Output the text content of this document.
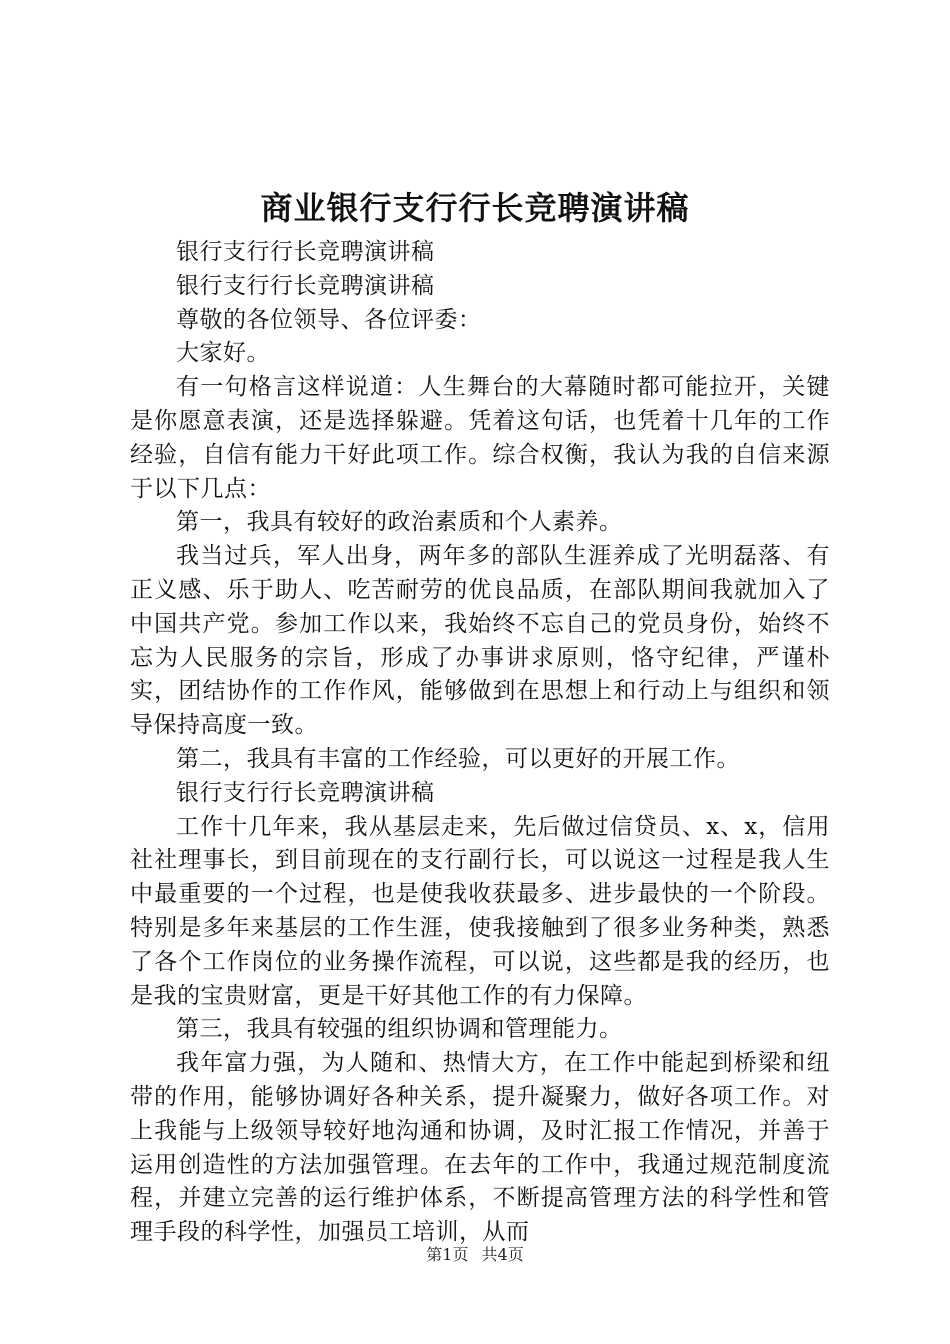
商业银行支行行长竞聘演讲稿

银行支行行长竞聘演讲稿

银行支行行长竞聘演讲稿

尊敬的各位领导、各位评委：

大家好。

有一句格言这样说道：人生舞台的大幕随时都可能拉开，关键是你愿意表演，还是选择躲避。凭着这句话，也凭着十几年的工作经验，自信有能力干好此项工作。综合权衡，我认为我的自信来源于以下几点：

第一，我具有较好的政治素质和个人素养。

我当过兵，军人出身，两年多的部队生涯养成了光明磊落、有正义感、乐于助人、吃苦耐劳的优良品质，在部队期间我就加入了中国共产党。参加工作以来，我始终不忘自己的党员身份，始终不忘为人民服务的宗旨，形成了办事讲求原则，恪守纪律，严谨朴实，团结协作的工作作风，能够做到在思想上和行动上与组织和领导保持高度一致。

第二，我具有丰富的工作经验，可以更好的开展工作。

银行支行行长竞聘演讲稿

工作十几年来，我从基层走来，先后做过信贷员、x、x，信用社社理事长，到目前现在的支行副行长，可以说这一过程是我人生中最重要的一个过程，也是使我收获最多、进步最快的一个阶段。特别是多年来基层的工作生涯，使我接触到了很多业务种类，熟悉了各个工作岗位的业务操作流程，可以说，这些都是我的经历，也是我的宝贵财富，更是干好其他工作的有力保障。

第三，我具有较强的组织协调和管理能力。

我年富力强，为人随和、热情大方，在工作中能起到桥梁和纽带的作用，能够协调好各种关系，提升凝聚力，做好各项工作。对上我能与上级领导较好地沟通和协调，及时汇报工作情况，并善于运用创造性的方法加强管理。在去年的工作中，我通过规范制度流程，并建立完善的运行维护体系，不断提高管理方法的科学性和管理手段的科学性，加强员工培训，从而

第1页 共4页
